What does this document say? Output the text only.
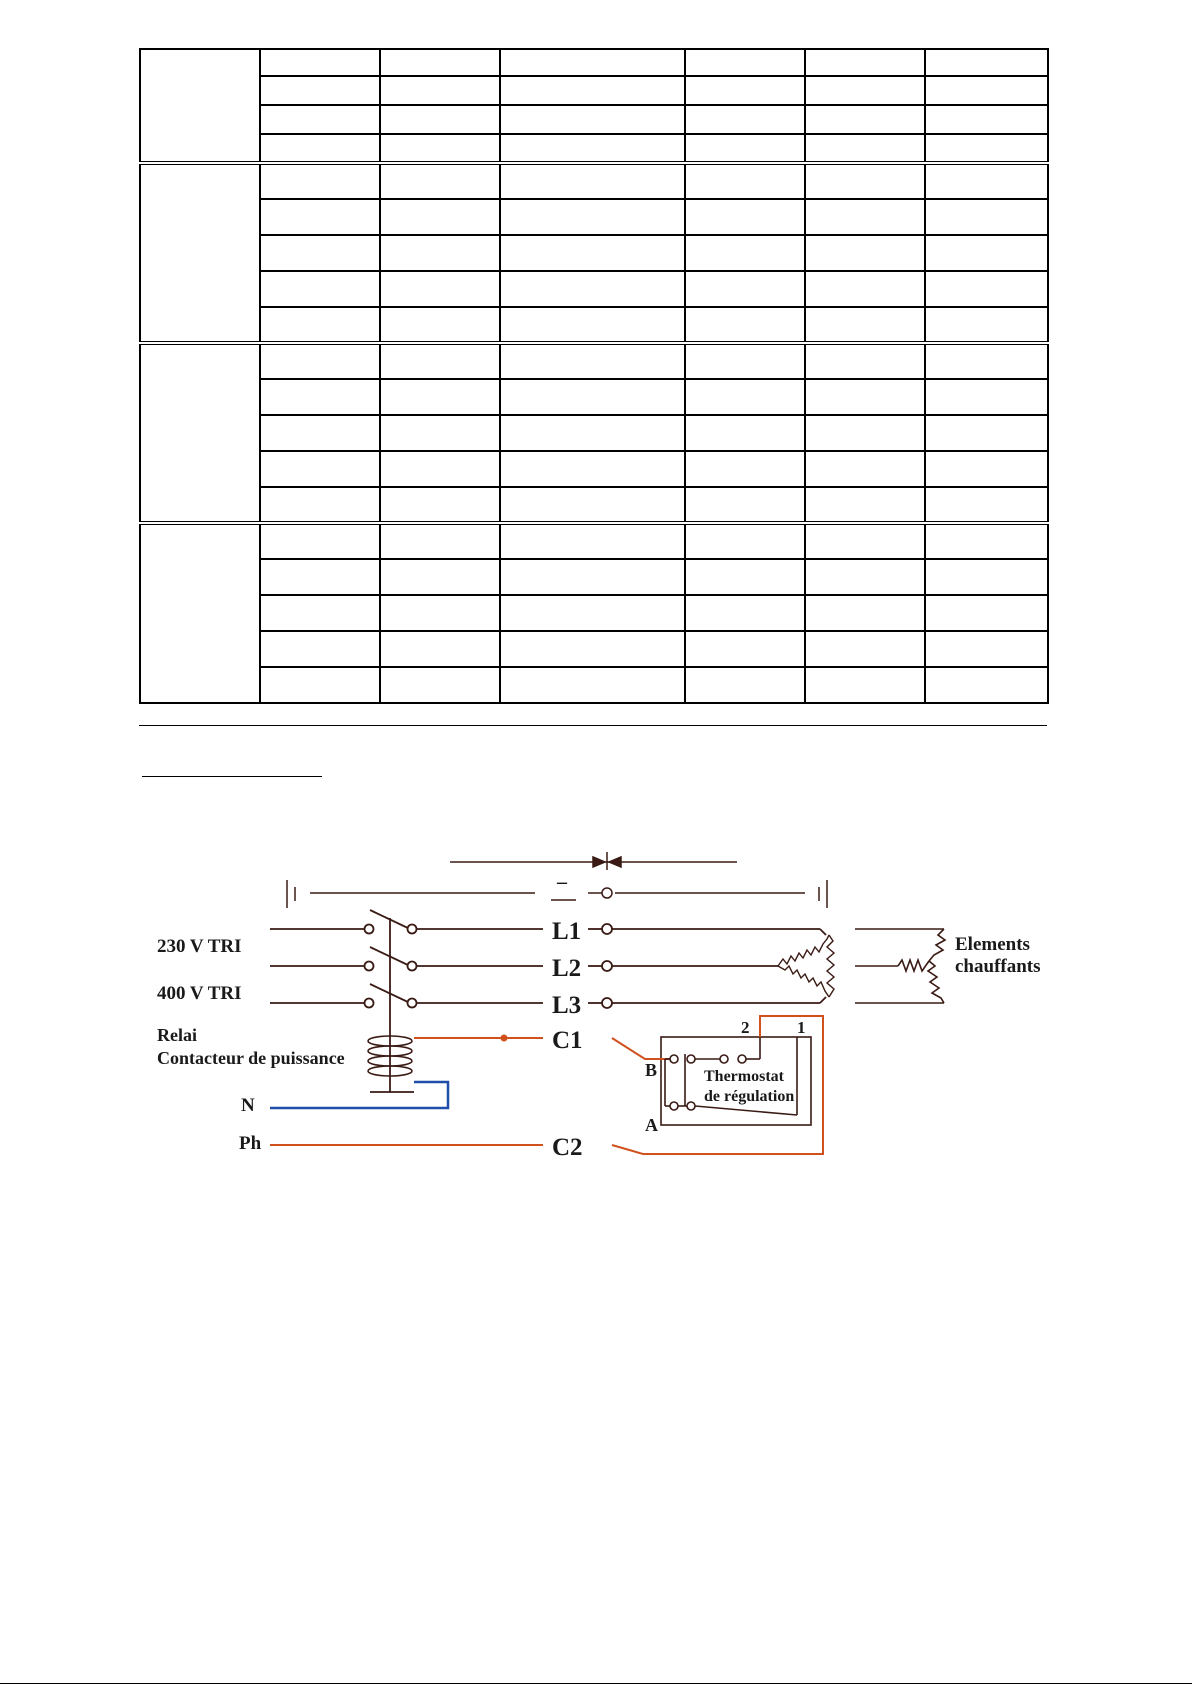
–
230 V TRI
400 V TRI
Relai
Contacteur de puissance
N
Ph
L1
L2
L3
C1
C2
Thermostat
de régulation
B
A
2	1
Elements
chauffants
